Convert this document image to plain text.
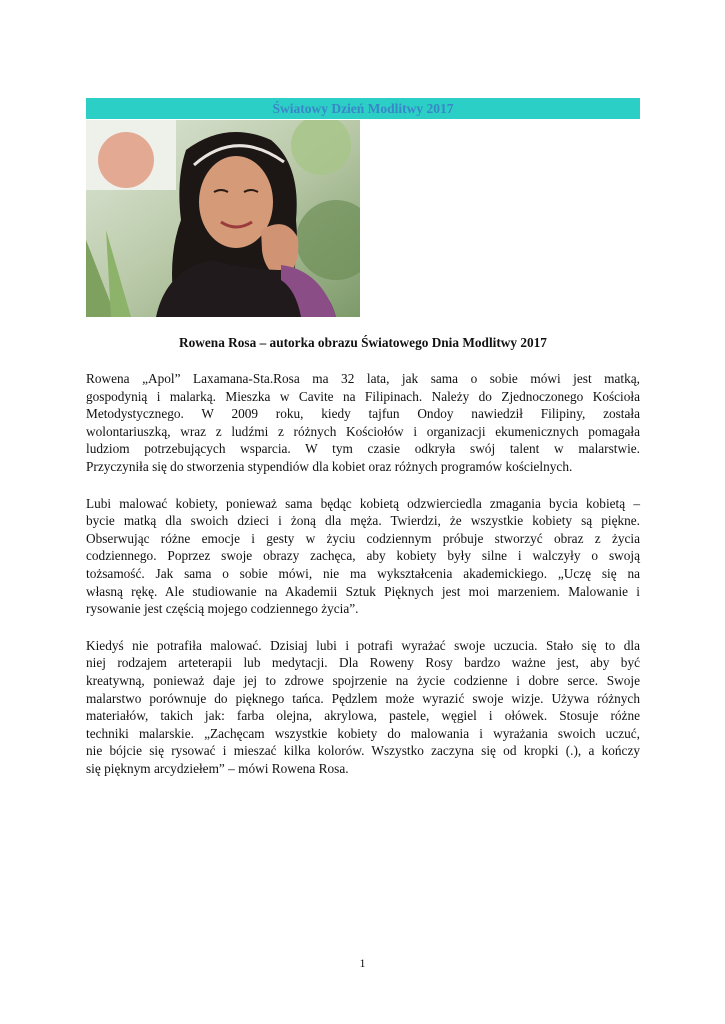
Światowy Dzień Modlitwy 2017
Rowena Rosa – autorka obrazu Światowego Dnia Modlitwy 2017

Rowena „Apol” Laxamana-Sta.Rosa ma 32 lata, jak sama o sobie mówi jest matką,
gospodynią i malarką. Mieszka w Cavite na Filipinach. Należy do Zjednoczonego Kościoła
Metodystycznego. W 2009 roku, kiedy tajfun Ondoy nawiedził Filipiny, została
wolontariuszką, wraz z ludźmi z różnych Kościołów i organizacji ekumenicznych pomagała
ludziom potrzebujących wsparcia. W tym czasie odkryła swój talent w malarstwie.
Przyczyniła się do stworzenia stypendiów dla kobiet oraz różnych programów kościelnych.

Lubi malować kobiety, ponieważ sama będąc kobietą odzwierciedla zmagania bycia kobietą –
bycie matką dla swoich dzieci i żoną dla męża. Twierdzi, że wszystkie kobiety są piękne.
Obserwując różne emocje i gesty w życiu codziennym próbuje stworzyć obraz z życia
codziennego. Poprzez swoje obrazy zachęca, aby kobiety były silne i walczyły o swoją
tożsamość. Jak sama o sobie mówi, nie ma wykształcenia akademickiego. „Uczę się na
własną rękę. Ale studiowanie na Akademii Sztuk Pięknych jest moi marzeniem. Malowanie i
rysowanie jest częścią mojego codziennego życia”.

Kiedyś nie potrafiła malować. Dzisiaj lubi i potrafi wyrażać swoje uczucia. Stało się to dla
niej rodzajem arteterapii lub medytacji. Dla Roweny Rosy bardzo ważne jest, aby być
kreatywną, ponieważ daje jej to zdrowe spojrzenie na życie codzienne i dobre serce. Swoje
malarstwo porównuje do pięknego tańca. Pędzlem może wyrazić swoje wizje. Używa różnych
materiałów, takich jak: farba olejna, akrylowa, pastele, węgiel i ołówek. Stosuje różne
techniki malarskie. „Zachęcam wszystkie kobiety do malowania i wyrażania swoich uczuć,
nie bójcie się rysować i mieszać kilka kolorów. Wszystko zaczyna się od kropki (.), a kończy
się pięknym arcydziełem” – mówi Rowena Rosa.

1
